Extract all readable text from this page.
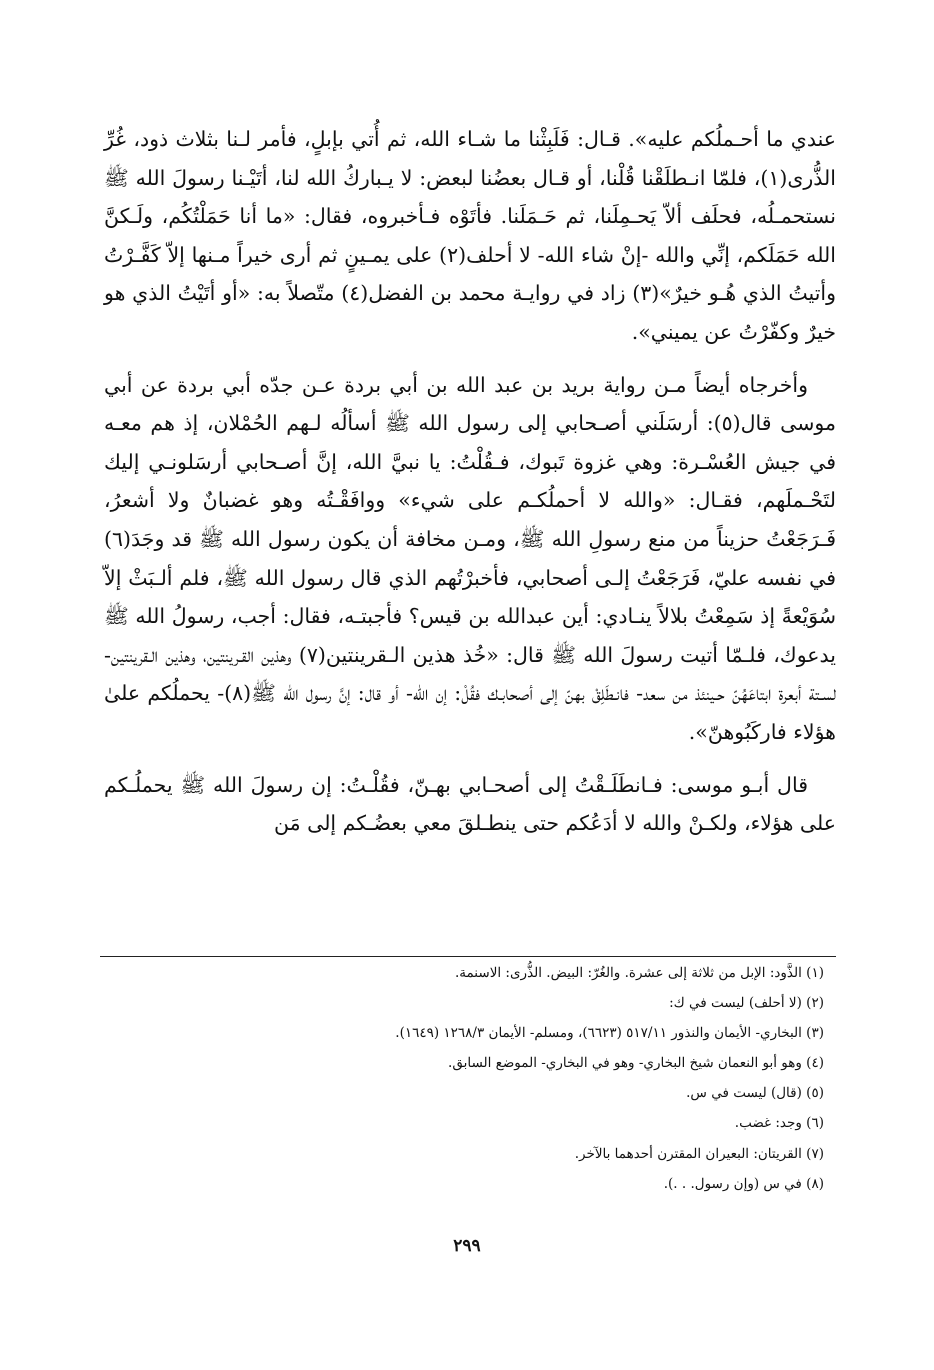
عندي ما أحـملُكم عليه». قـال: فَلَبِثْنا ما شـاء الله، ثم أُتي بإبلٍ، فأمر لـنا بثلاث ذود، غُرِّ الذُّرى(١)، فلمّا انـطلَقْنا قُلْنا، أو قـال بعضُنا لبعض: لا يـباركُ الله لنا، أتَيْـنا رسولَ الله ﷺ نستحمـلُه، فحلَف ألاّ يَحـمِلَنا، ثم حَـمَلَنا. فأتَوْه فـأخبروه، فقال: «ما أنا حَمَلْتُكُم، ولَـكنَّ الله حَمَلَكم، إنِّي والله -إنْ شاء الله- لا أحلف(٢) على يمـينٍ ثم أرى خيراً مـنها إلاّ كَفَّـرْتُ وأتيتُ الذي هُـو خيرٌ»(٣) زاد في روايـة محمد بن الفضل(٤) متّصلاً به: «أو أتَيْتُ الذي هو خيرٌ وكفّرْتُ عن يميني».

وأخرجاه أيضاً مـن رواية بريد بن عبد الله بن أبي بردة عـن جدّه أبي بردة عن أبي موسى قال(٥): أرسَلَني أصـحابي إلى رسول الله ﷺ أسألُه لـهم الحُمْلان، إذ هم معـه في جيش العُسْـرة: وهي غزوة تَبوك، فـقُلْتُ: يا نبيَّ الله، إنَّ أصـحابي أرسَلونـي إليك لتَحْـملَهم، فقـال: «والله لا أحملُكـم على شيء» ووافَقْـتُه وهو غضبانٌ ولا أشعرُ، فَـرَجَعْتُ حزيناً من منع رسولِ الله ﷺ، ومـن مخافة أن يكون رسول الله ﷺ قد وجَدَ(٦) في نفسه عليّ، فَرَجَعْتُ إلـى أصحابي، فأخبرْتُهم الذي قال رسول الله ﷺ، فلم ألـبَثْ إلاّ سُوَيْعةً إذ سَمِعْتُ بلالاً ينـادي: أين عبدالله بن قيس؟ فأجبتـه، فقال: أجب، رسولُ الله ﷺ يدعوك، فلـمّا أتيت رسولَ الله ﷺ قال: «خُذ هذين الـقرينتين(٧) وهذين القـرينتين، وهذين الـقرينتين- لسـتة أبعرة ابتاعَهُنّ حـينئذ من سعد- فانـطَلِقْ بهنّ إلى أصحابـك فقُلْ: إن الله- أو قال: إنَّ رسول الله ﷺ(٨)- يحملُكم علىٰ هؤلاء فاركَبُوهنّ».

قال أبـو موسى: فـانطَلَـقْتُ إلى أصحـابي بهـنّ، فقُلْـتُ: إن رسولَ الله ﷺ يحملُـكم على هؤلاء، ولكـنْ والله لا أدَعُكم حتى ينطـلقَ معي بعضُـكم إلى مَن

(١) الذَّود: الإبل من ثلاثة إلى عشرة. والغُرّ: البيض. الذُّرى: الاسنمة.
(٢) (لا أحلف) ليست في ك:
(٣) البخاري- الأيمان والنذور ٥١٧/١١ (٦٦٢٣)، ومسلم- الأيمان ١٢٦٨/٣ (١٦٤٩).
(٤) وهو أبو النعمان شيخ البخاري- وهو في البخاري- الموضع السابق.
(٥) (قال) ليست في س.
(٦) وجد: غضب.
(٧) القريتان: البعيران المقترن أحدهما بالآخر.
(٨) في س (وإن رسول. . .).
٢٩٩
